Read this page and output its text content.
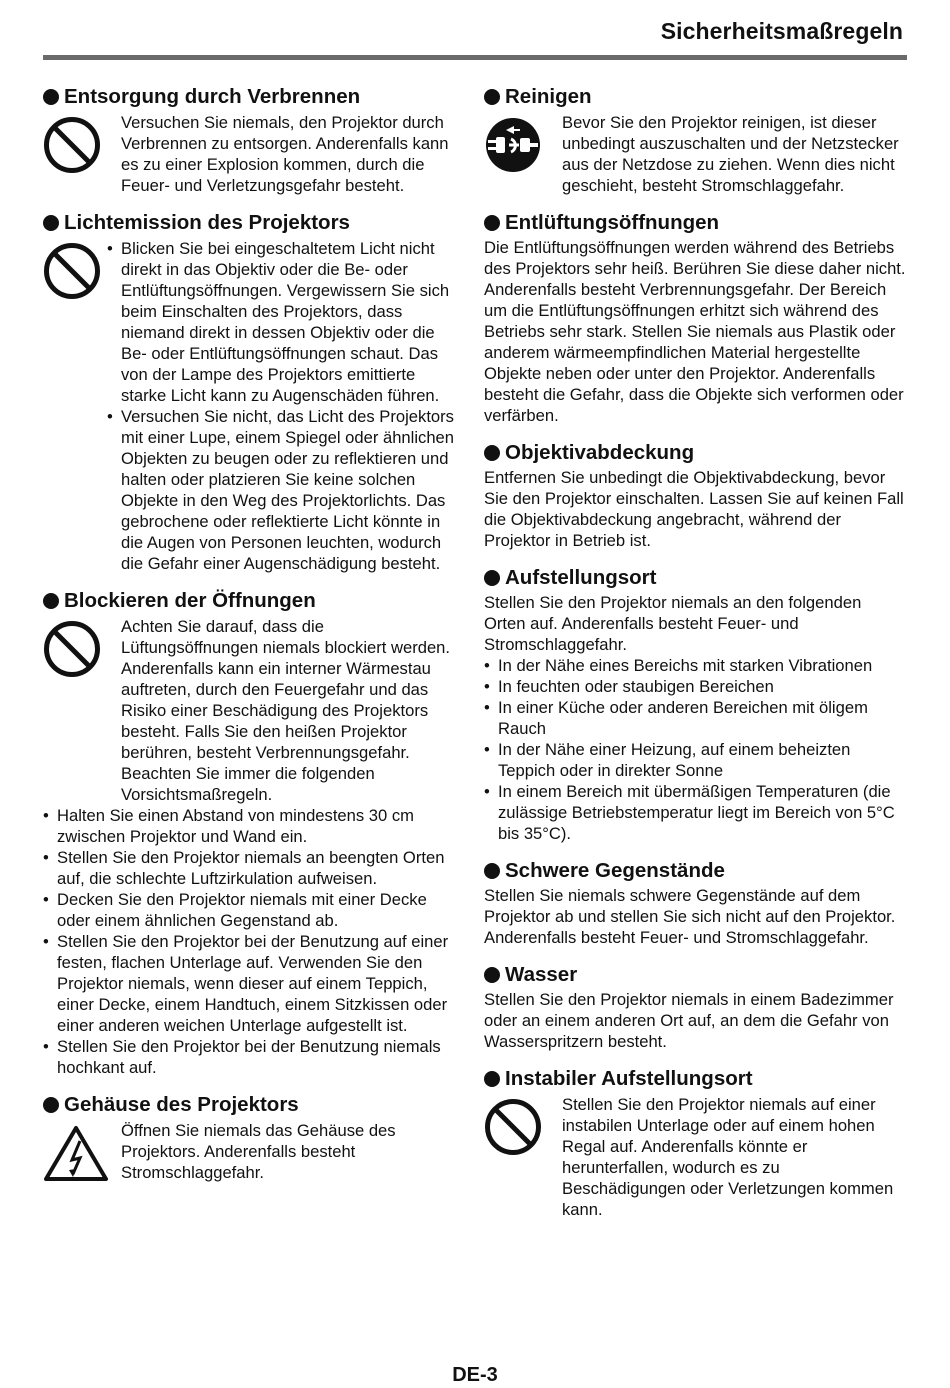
Sicherheitsmaßregeln
Entsorgung durch Verbrennen
Versuchen Sie niemals, den Projektor durch Verbrennen zu entsorgen. Anderenfalls kann es zu einer Explosion kommen, durch die Feuer- und Verletzungsgefahr besteht.
Lichtemission des Projektors
• Blicken Sie bei eingeschaltetem Licht nicht direkt in das Objektiv oder die Be- oder Entlüftungsöffnungen. Vergewissern Sie sich beim Einschalten des Projektors, dass niemand direkt in dessen Objektiv oder die Be- oder Entlüftungsöffnungen schaut. Das von der Lampe des Projektors emittierte starke Licht kann zu Augenschäden führen.
• Versuchen Sie nicht, das Licht des Projektors mit einer Lupe, einem Spiegel oder ähnlichen Objekten zu beugen oder zu reflektieren und halten oder platzieren Sie keine solchen Objekte in den Weg des Projektorlichts. Das gebrochene oder reflektierte Licht könnte in die Augen von Personen leuchten, wodurch die Gefahr einer Augenschädigung besteht.
Blockieren der Öffnungen
Achten Sie darauf, dass die Lüftungsöffnungen niemals blockiert werden. Anderenfalls kann ein interner Wärmestau auftreten, durch den Feuergefahr und das Risiko einer Beschädigung des Projektors besteht. Falls Sie den heißen Projektor berühren, besteht Verbrennungsgefahr. Beachten Sie immer die folgenden Vorsichtsmaßregeln.
• Halten Sie einen Abstand von mindestens 30 cm zwischen Projektor und Wand ein.
• Stellen Sie den Projektor niemals an beengten Orten auf, die schlechte Luftzirkulation aufweisen.
• Decken Sie den Projektor niemals mit einer Decke oder einem ähnlichen Gegenstand ab.
• Stellen Sie den Projektor bei der Benutzung auf einer festen, flachen Unterlage auf. Verwenden Sie den Projektor niemals, wenn dieser auf einem Teppich, einer Decke, einem Handtuch, einem Sitzkissen oder einer anderen weichen Unterlage aufgestellt ist.
• Stellen Sie den Projektor bei der Benutzung niemals hochkant auf.
Gehäuse des Projektors
Öffnen Sie niemals das Gehäuse des Projektors. Anderenfalls besteht Stromschlaggefahr.
Reinigen
Bevor Sie den Projektor reinigen, ist dieser unbedingt auszuschalten und der Netzstecker aus der Netzdose zu ziehen. Wenn dies nicht geschieht, besteht Stromschlaggefahr.
Entlüftungsöffnungen
Die Entlüftungsöffnungen werden während des Betriebs des Projektors sehr heiß. Berühren Sie diese daher nicht. Anderenfalls besteht Verbrennungsgefahr. Der Bereich um die Entlüftungsöffnungen erhitzt sich während des Betriebs sehr stark. Stellen Sie niemals aus Plastik oder anderem wärmeempfindlichen Material hergestellte Objekte neben oder unter den Projektor. Anderenfalls besteht die Gefahr, dass die Objekte sich verformen oder verfärben.
Objektivabdeckung
Entfernen Sie unbedingt die Objektivabdeckung, bevor Sie den Projektor einschalten. Lassen Sie auf keinen Fall die Objektivabdeckung angebracht, während der Projektor in Betrieb ist.
Aufstellungsort
Stellen Sie den Projektor niemals an den folgenden Orten auf. Anderenfalls besteht Feuer- und Stromschlaggefahr.
• In der Nähe eines Bereichs mit starken Vibrationen
• In feuchten oder staubigen Bereichen
• In einer Küche oder anderen Bereichen mit öligem Rauch
• In der Nähe einer Heizung, auf einem beheizten Teppich oder in direkter Sonne
• In einem Bereich mit übermäßigen Temperaturen (die zulässige Betriebstemperatur liegt im Bereich von 5°C bis 35°C).
Schwere Gegenstände
Stellen Sie niemals schwere Gegenstände auf dem Projektor ab und stellen Sie sich nicht auf den Projektor. Anderenfalls besteht Feuer- und Stromschlaggefahr.
Wasser
Stellen Sie den Projektor niemals in einem Badezimmer oder an einem anderen Ort auf, an dem die Gefahr von Wasserspritzern besteht.
Instabiler Aufstellungsort
Stellen Sie den Projektor niemals auf einer instabilen Unterlage oder auf einem hohen Regal auf. Anderenfalls könnte er herunterfallen, wodurch es zu Beschädigungen oder Verletzungen kommen kann.
DE-3
